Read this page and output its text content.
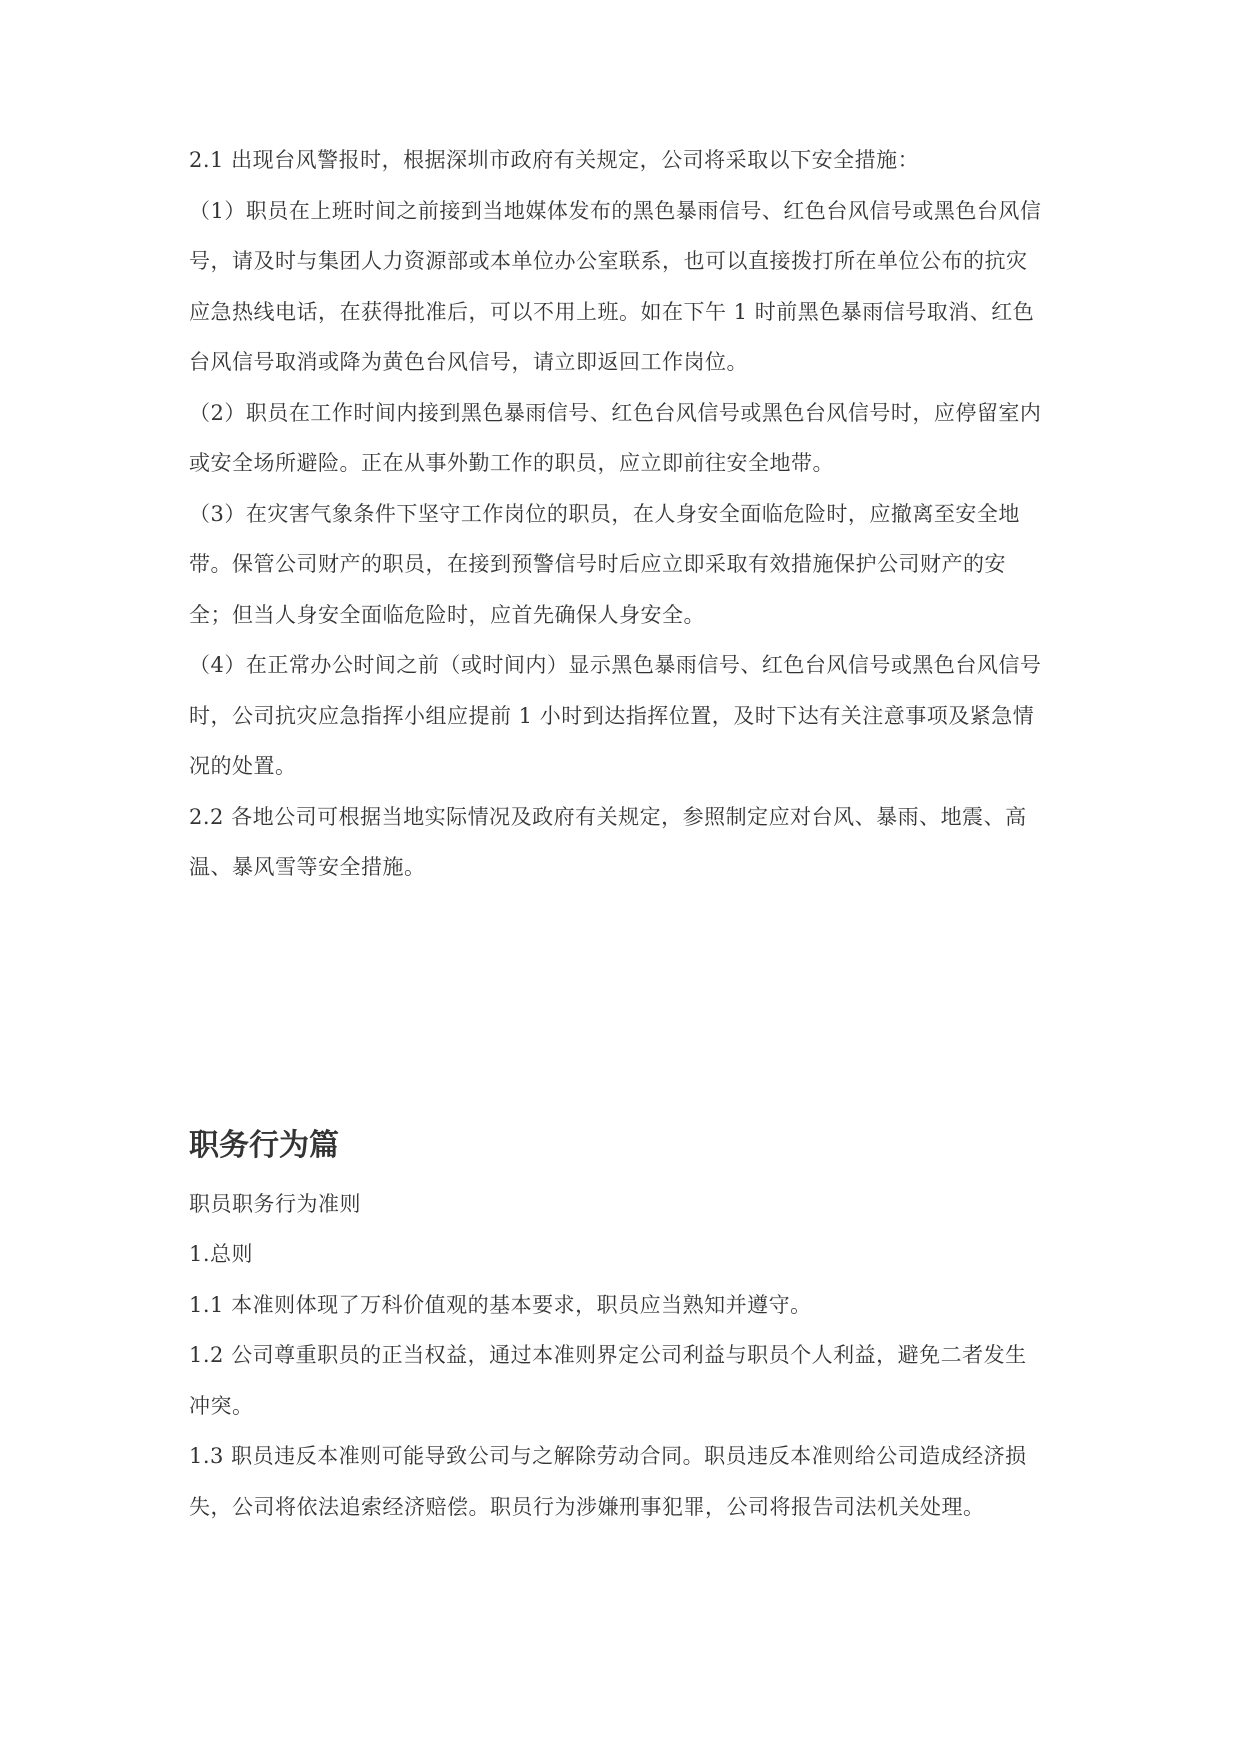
2.1 出现台风警报时，根据深圳市政府有关规定，公司将采取以下安全措施：

（1）职员在上班时间之前接到当地媒体发布的黑色暴雨信号、红色台风信号或黑色台风信

号，请及时与集团人力资源部或本单位办公室联系，也可以直接拨打所在单位公布的抗灾

应急热线电话，在获得批准后，可以不用上班。如在下午 1 时前黑色暴雨信号取消、红色

台风信号取消或降为黄色台风信号，请立即返回工作岗位。

（2）职员在工作时间内接到黑色暴雨信号、红色台风信号或黑色台风信号时，应停留室内

或安全场所避险。正在从事外勤工作的职员，应立即前往安全地带。

（3）在灾害气象条件下坚守工作岗位的职员，在人身安全面临危险时，应撤离至安全地

带。保管公司财产的职员，在接到预警信号时后应立即采取有效措施保护公司财产的安

全；但当人身安全面临危险时，应首先确保人身安全。

（4）在正常办公时间之前（或时间内）显示黑色暴雨信号、红色台风信号或黑色台风信号

时，公司抗灾应急指挥小组应提前 1 小时到达指挥位置，及时下达有关注意事项及紧急情

况的处置。

2.2 各地公司可根据当地实际情况及政府有关规定，参照制定应对台风、暴雨、地震、高

温、暴风雪等安全措施。

职务行为篇

职员职务行为准则

1.总则

1.1 本准则体现了万科价值观的基本要求，职员应当熟知并遵守。

1.2 公司尊重职员的正当权益，通过本准则界定公司利益与职员个人利益，避免二者发生

冲突。

1.3 职员违反本准则可能导致公司与之解除劳动合同。职员违反本准则给公司造成经济损

失，公司将依法追索经济赔偿。职员行为涉嫌刑事犯罪，公司将报告司法机关处理。
